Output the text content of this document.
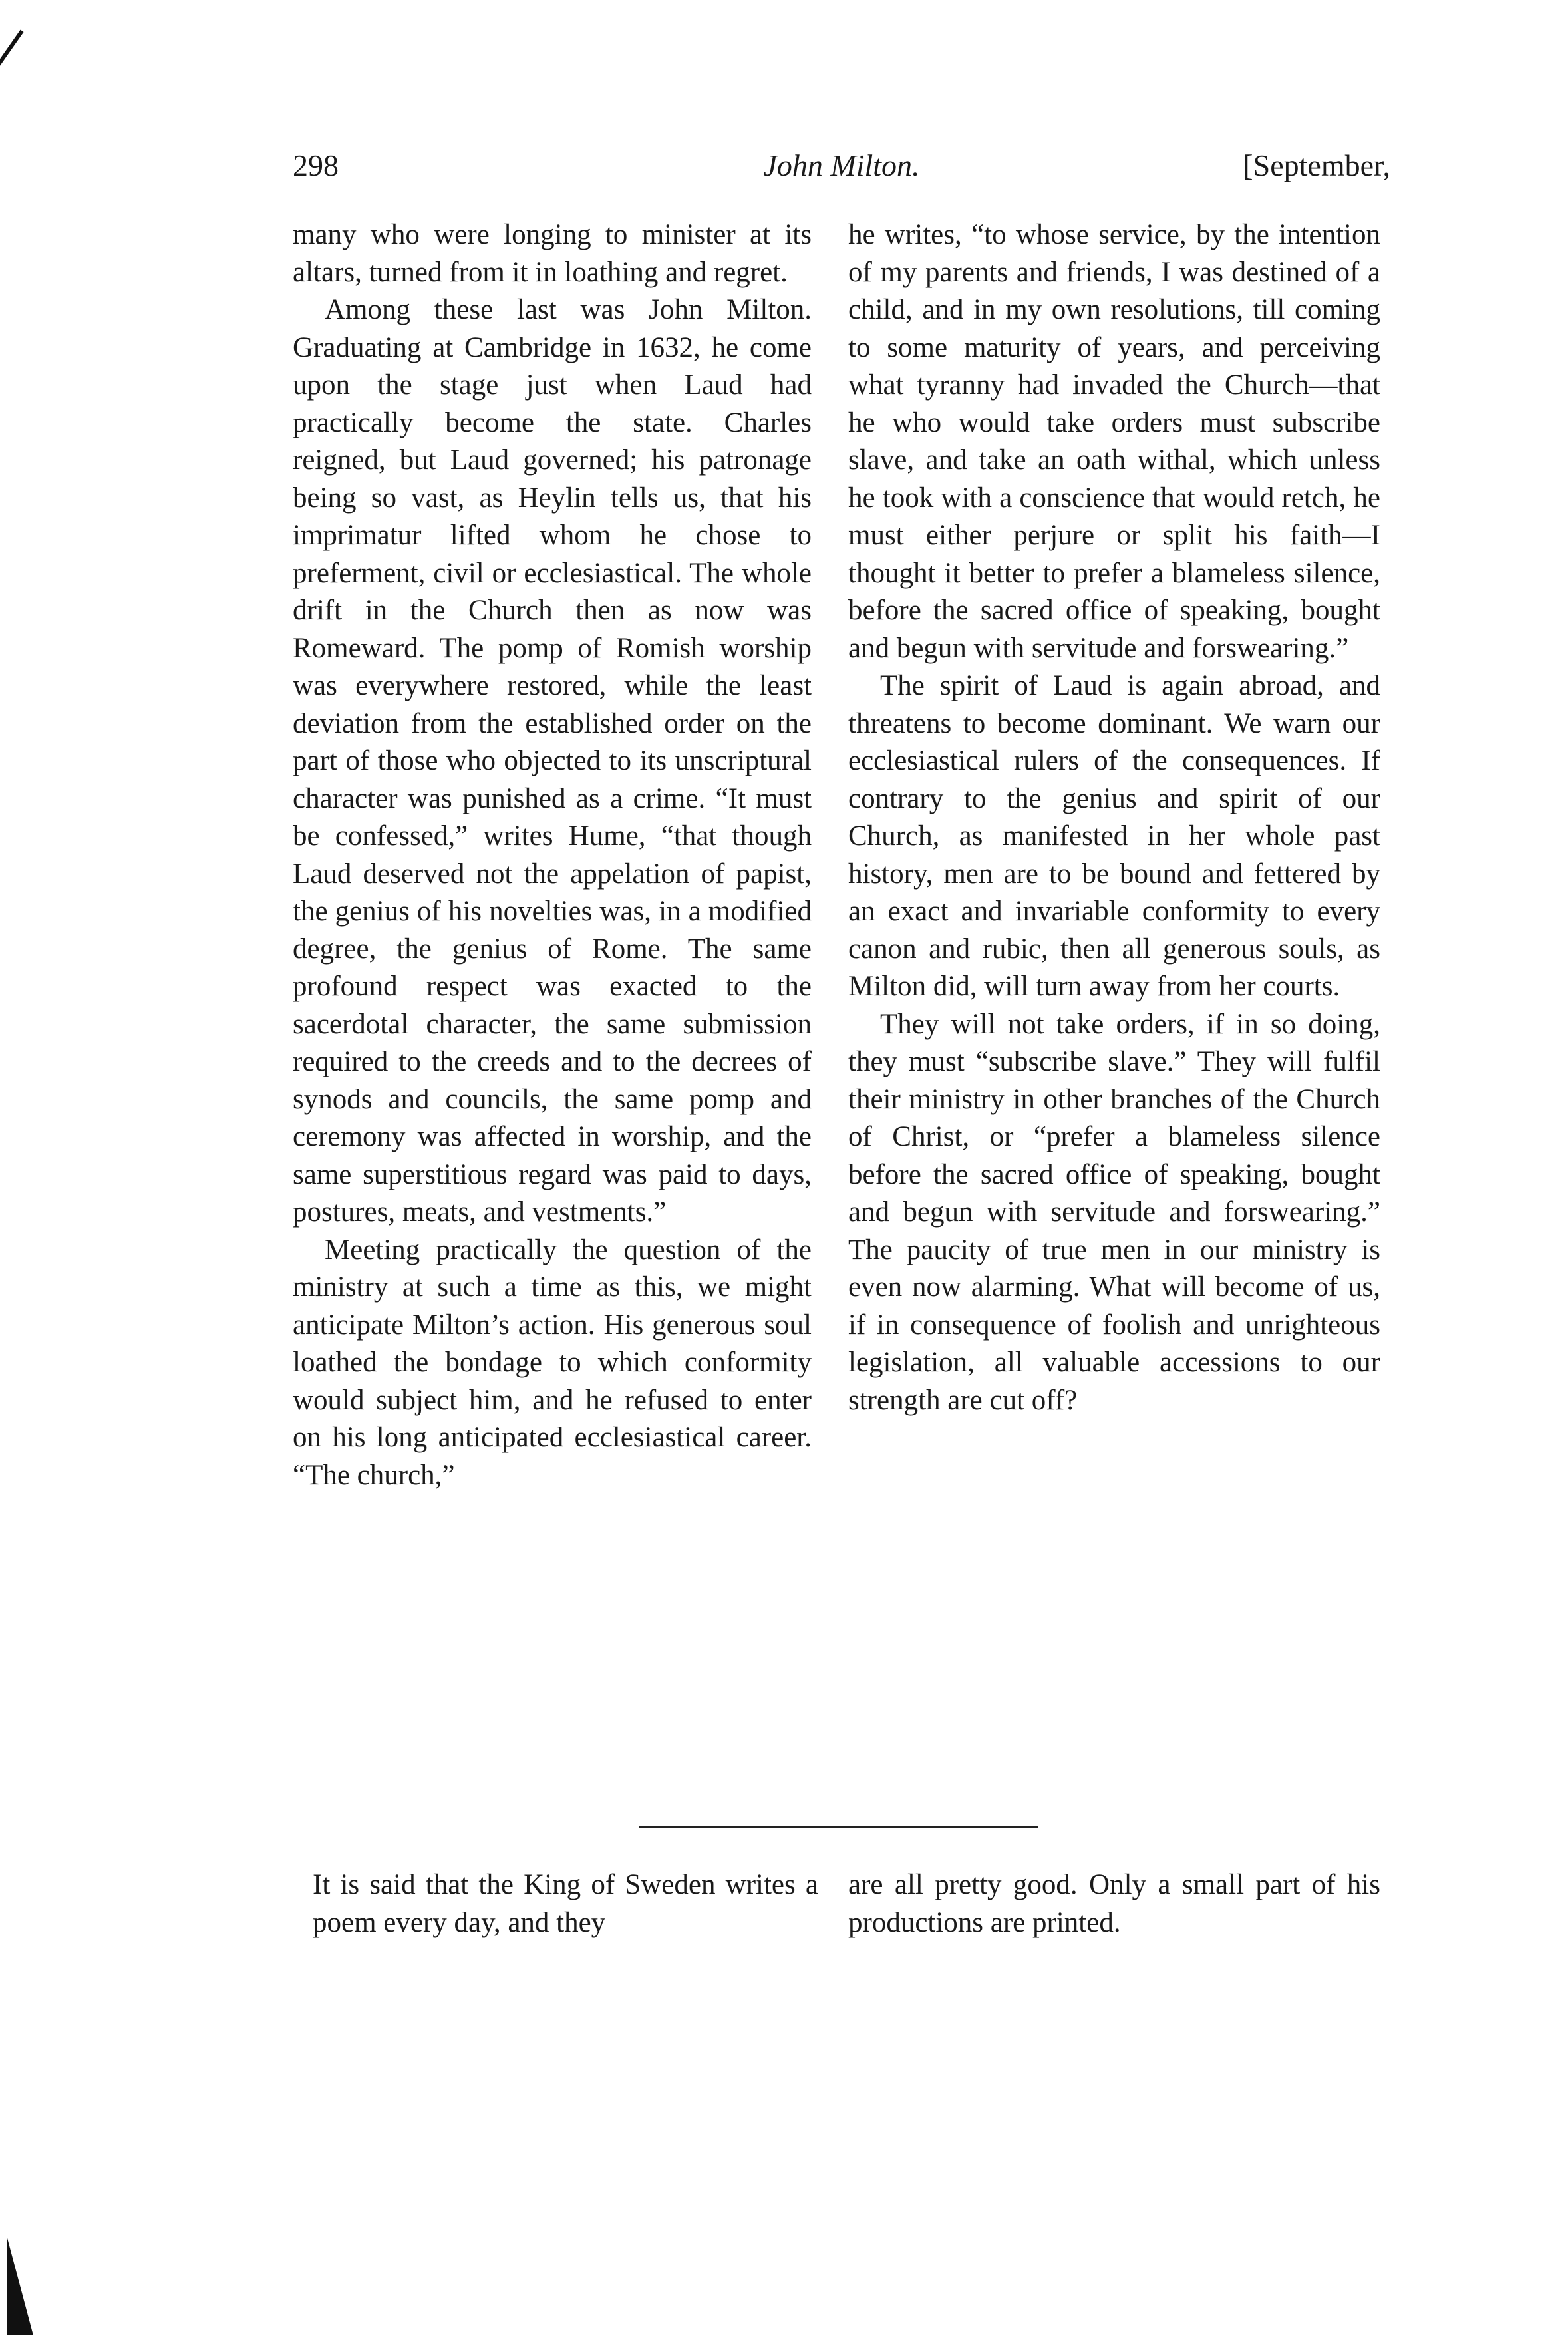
298	John Milton.	[September,

many who were longing to minister at its altars, turned from it in loathing and regret.

Among these last was John Milton. Graduating at Cambridge in 1632, he come upon the stage just when Laud had practically become the state. Charles reigned, but Laud governed; his patronage being so vast, as Heylin tells us, that his imprimatur lifted whom he chose to preferment, civil or ecclesiastical. The whole drift in the Church then as now was Romeward. The pomp of Romish worship was everywhere restored, while the least deviation from the established order on the part of those who objected to its unscriptural character was punished as a crime. “It must be confessed,” writes Hume, “that though Laud deserved not the appelation of papist, the genius of his novelties was, in a modified degree, the genius of Rome. The same profound respect was exacted to the sacerdotal character, the same submission required to the creeds and to the decrees of synods and councils, the same pomp and ceremony was affected in worship, and the same superstitious regard was paid to days, postures, meats, and vestments.”

Meeting practically the question of the ministry at such a time as this, we might anticipate Milton’s action. His generous soul loathed the bondage to which conformity would subject him, and he refused to enter on his long anticipated ecclesiastical career. “The church,”

he writes, “to whose service, by the intention of my parents and friends, I was destined of a child, and in my own resolutions, till coming to some maturity of years, and perceiving what tyranny had invaded the Church—that he who would take orders must subscribe slave, and take an oath withal, which unless he took with a conscience that would retch, he must either perjure or split his faith—I thought it better to prefer a blameless silence, before the sacred office of speaking, bought and begun with servitude and forswearing.”

The spirit of Laud is again abroad, and threatens to become dominant. We warn our ecclesiastical rulers of the consequences. If contrary to the genius and spirit of our Church, as manifested in her whole past history, men are to be bound and fettered by an exact and invariable conformity to every canon and rubic, then all generous souls, as Milton did, will turn away from her courts.

They will not take orders, if in so doing, they must “subscribe slave.” They will fulfil their ministry in other branches of the Church of Christ, or “prefer a blameless silence before the sacred office of speaking, bought and begun with servitude and forswearing.” The paucity of true men in our ministry is even now alarming. What will become of us, if in consequence of foolish and unrighteous legislation, all valuable accessions to our strength are cut off?

It is said that the King of Sweden writes a poem every day, and they

are all pretty good. Only a small part of his productions are printed.
